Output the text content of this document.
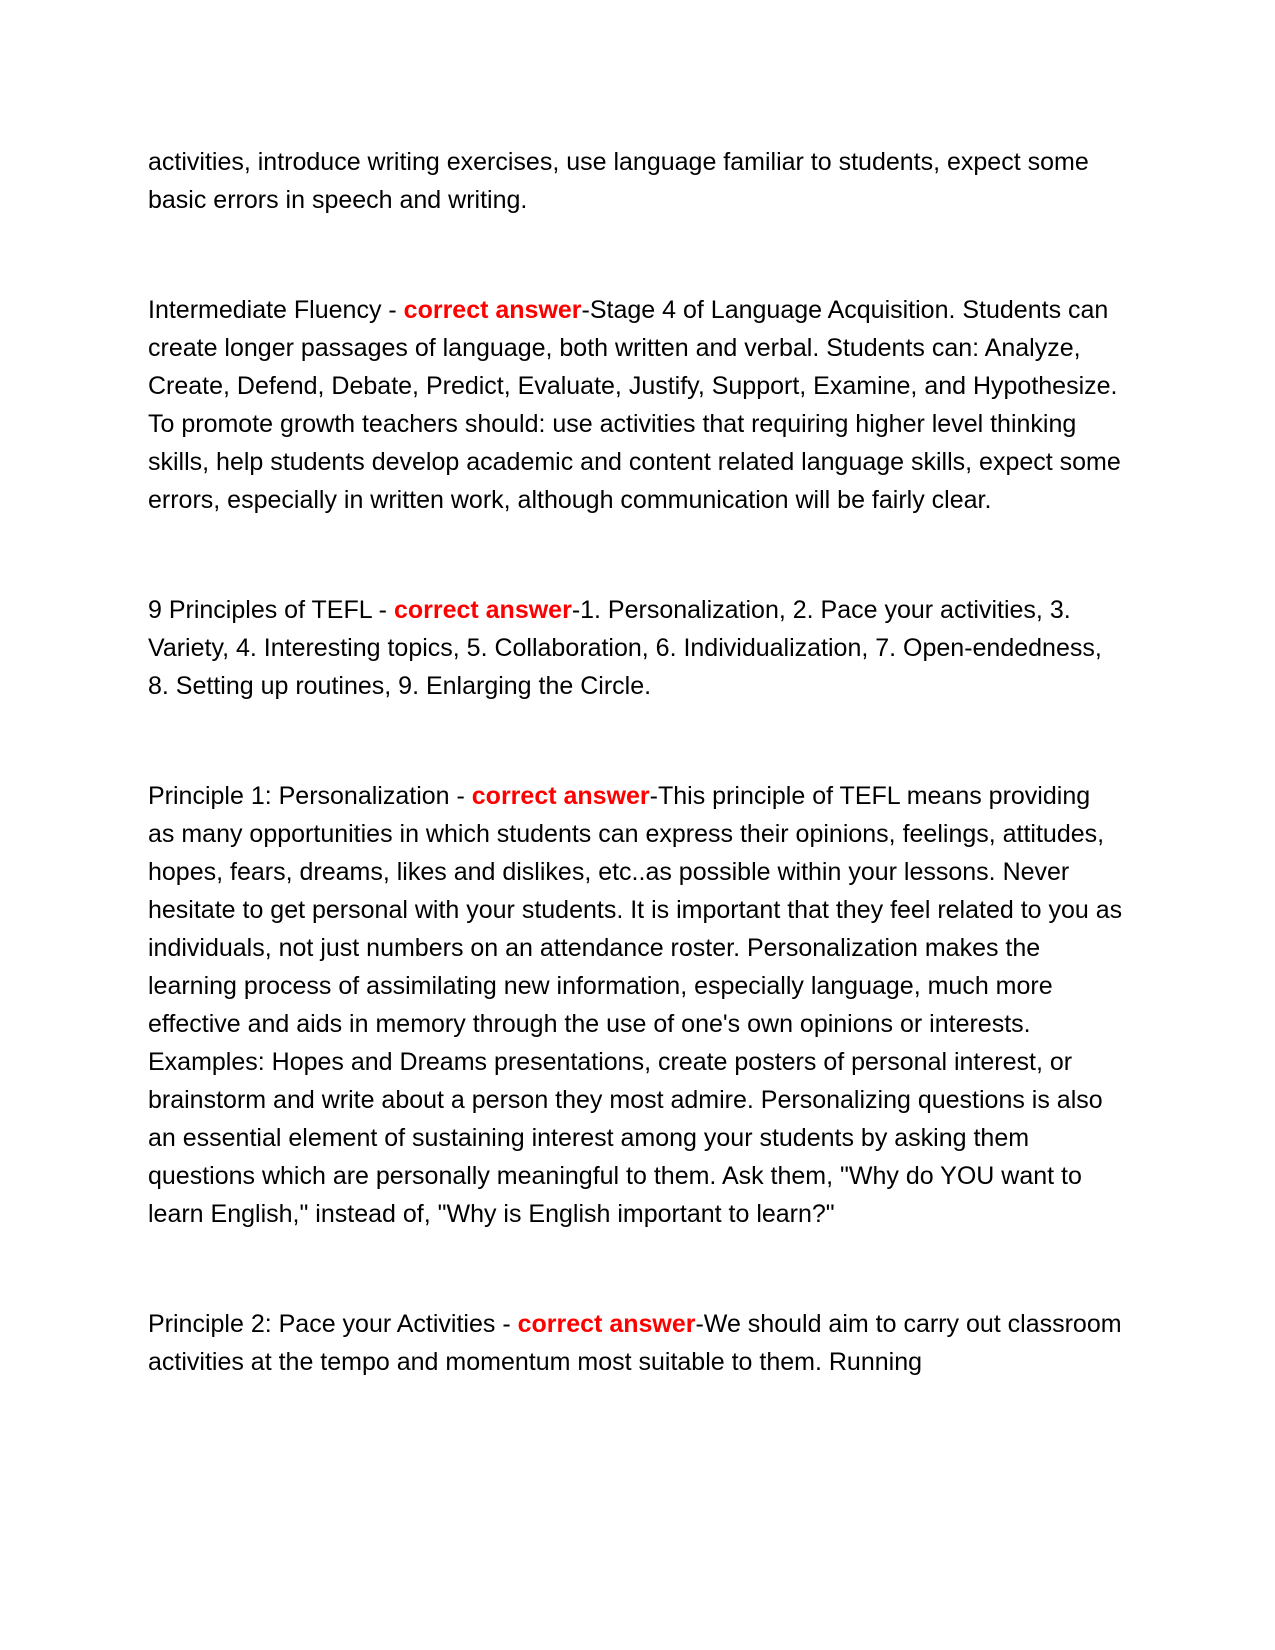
activities, introduce writing exercises, use language familiar to students, expect some basic errors in speech and writing.

Intermediate Fluency - correct answer-Stage 4 of Language Acquisition. Students can create longer passages of language, both written and verbal. Students can: Analyze, Create, Defend, Debate, Predict, Evaluate, Justify, Support, Examine, and Hypothesize. To promote growth teachers should: use activities that requiring higher level thinking skills, help students develop academic and content related language skills, expect some errors, especially in written work, although communication will be fairly clear.

9 Principles of TEFL - correct answer-1. Personalization, 2. Pace your activities, 3. Variety, 4. Interesting topics, 5. Collaboration, 6. Individualization, 7. Open-endedness, 8. Setting up routines, 9. Enlarging the Circle.

Principle 1: Personalization - correct answer-This principle of TEFL means providing as many opportunities in which students can express their opinions, feelings, attitudes, hopes, fears, dreams, likes and dislikes, etc..as possible within your lessons. Never hesitate to get personal with your students. It is important that they feel related to you as individuals, not just numbers on an attendance roster. Personalization makes the learning process of assimilating new information, especially language, much more effective and aids in memory through the use of one's own opinions or interests. Examples: Hopes and Dreams presentations, create posters of personal interest, or brainstorm and write about a person they most admire. Personalizing questions is also an essential element of sustaining interest among your students by asking them questions which are personally meaningful to them. Ask them, "Why do YOU want to learn English," instead of, "Why is English important to learn?"

Principle 2: Pace your Activities - correct answer-We should aim to carry out classroom activities at the tempo and momentum most suitable to them. Running
